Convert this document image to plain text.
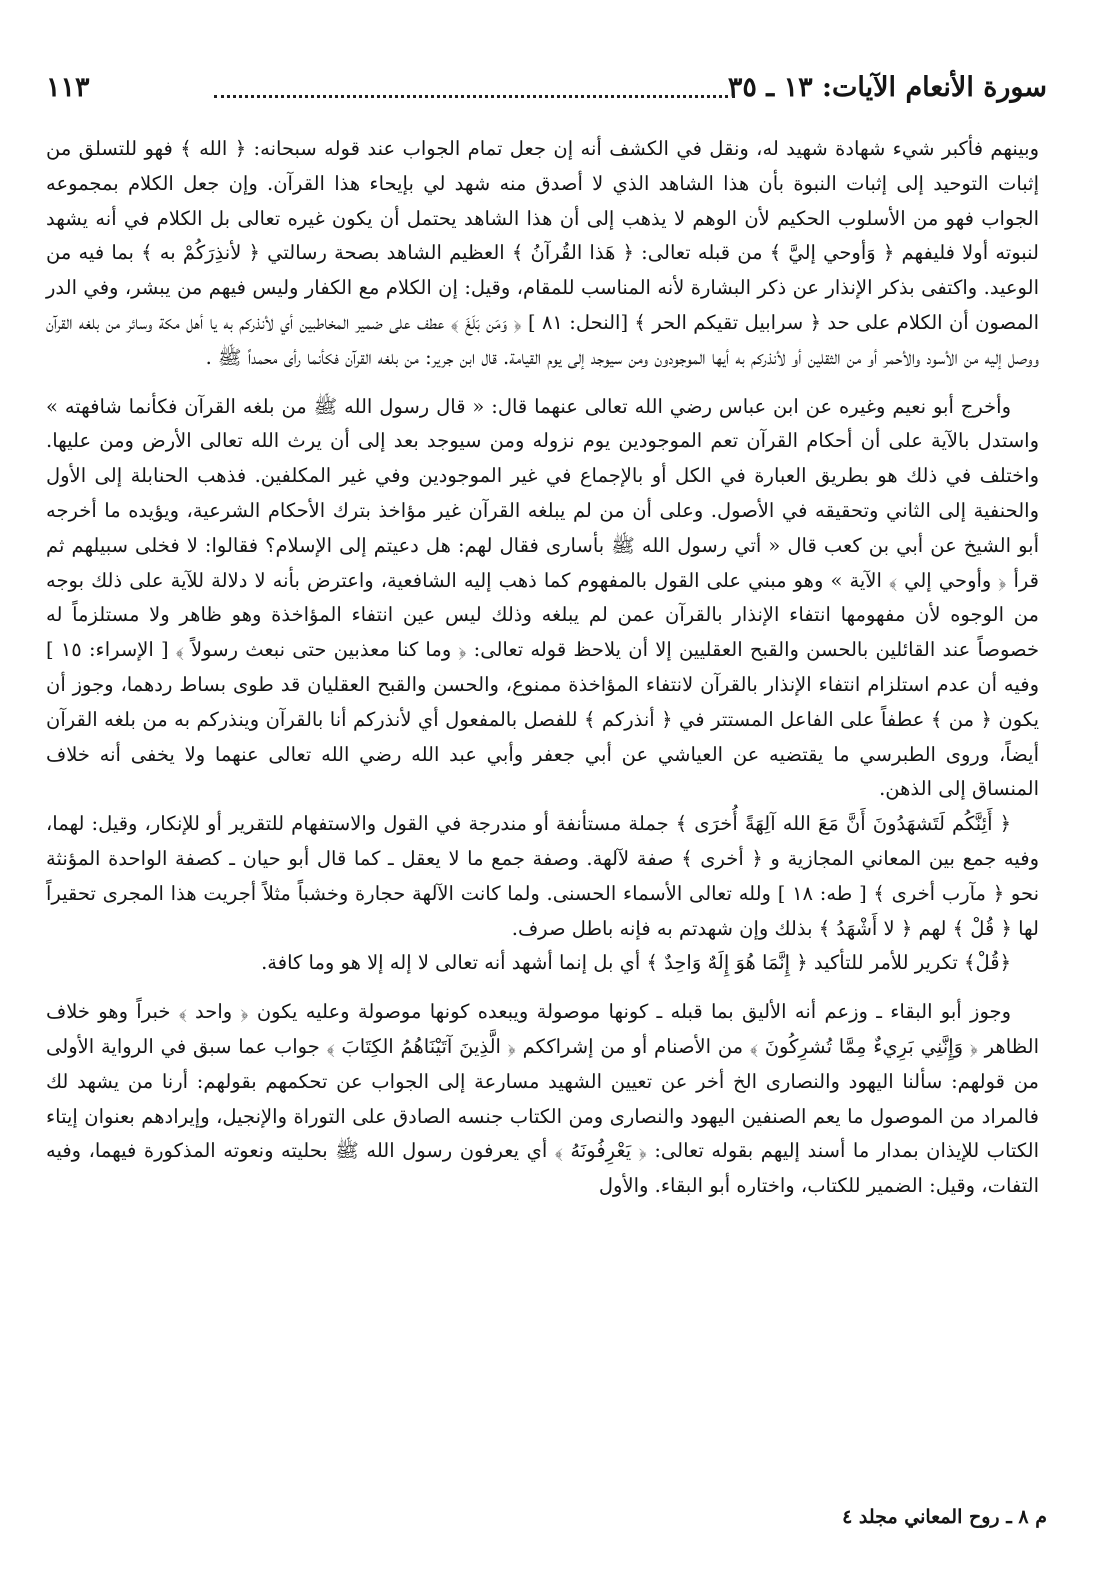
سورة الأنعام الآيات: ١٣ ـ ٣٥
١١٣

وبينهم فأكبر شيء شهادة شهيد له، ونقل في الكشف أنه إن جعل تمام الجواب عند قوله سبحانه: ﴿ الله ﴾ فهو للتسلق من إثبات التوحيد إلى إثبات النبوة بأن هذا الشاهد الذي لا أصدق منه شهد لي بإيحاء هذا القرآن. وإن جعل الكلام بمجموعه الجواب فهو من الأسلوب الحكيم لأن الوهم لا يذهب إلى أن هذا الشاهد يحتمل أن يكون غيره تعالى بل الكلام في أنه يشهد لنبوته أولا فليفهم ﴿ وَأوحي إليَّ ﴾ من قبله تعالى: ﴿ هَذا القُرآنُ ﴾ العظيم الشاهد بصحة رسالتي ﴿ لأنذِرَكُمْ به ﴾ بما فيه من الوعيد. واكتفى بذكر الإنذار عن ذكر البشارة لأنه المناسب للمقام، وقيل: إن الكلام مع الكفار وليس فيهم من يبشر، وفي الدر المصون أن الكلام على حد ﴿ سرابيل تقيكم الحر ﴾ [النحل: ٨١ ] ﴿ وَمَن بَلَغَ ﴾ عطف على ضمير المخاطبين أي لأنذركم به يا أهل مكة وسائر من بلغه القرآن ووصل إليه من الأسود والأحمر أو من الثقلين أو لأنذركم به أيها الموجودون ومن سيوجد إلى يوم القيامة. قال ابن جرير: من بلغه القرآن فكأنما رأى محمداً ﷺ .

وأخرج أبو نعيم وغيره عن ابن عباس رضي الله تعالى عنهما قال: « قال رسول الله ﷺ من بلغه القرآن فكأنما شافهته » واستدل بالآية على أن أحكام القرآن تعم الموجودين يوم نزوله ومن سيوجد بعد إلى أن يرث الله تعالى الأرض ومن عليها. واختلف في ذلك هو بطريق العبارة في الكل أو بالإجماع في غير الموجودين وفي غير المكلفين. فذهب الحنابلة إلى الأول والحنفية إلى الثاني وتحقيقه في الأصول. وعلى أن من لم يبلغه القرآن غير مؤاخذ بترك الأحكام الشرعية، ويؤيده ما أخرجه أبو الشيخ عن أبي بن كعب قال « أتي رسول الله ﷺ بأسارى فقال لهم: هل دعيتم إلى الإسلام؟ فقالوا: لا فخلى سبيلهم ثم قرأ ﴿ وأوحي إلي ﴾ الآية » وهو مبني على القول بالمفهوم كما ذهب إليه الشافعية، واعترض بأنه لا دلالة للآية على ذلك بوجه من الوجوه لأن مفهومها انتفاء الإنذار بالقرآن عمن لم يبلغه وذلك ليس عين انتفاء المؤاخذة وهو ظاهر ولا مستلزماً له خصوصاً عند القائلين بالحسن والقبح العقليين إلا أن يلاحظ قوله تعالى: ﴿ وما كنا معذبين حتى نبعث رسولاً ﴾ [ الإسراء: ١٥ ] وفيه أن عدم استلزام انتفاء الإنذار بالقرآن لانتفاء المؤاخذة ممنوع، والحسن والقبح العقليان قد طوى بساط ردهما، وجوز أن يكون ﴿ من ﴾ عطفاً على الفاعل المستتر في ﴿ أنذركم ﴾ للفصل بالمفعول أي لأنذركم أنا بالقرآن وينذركم به من بلغه القرآن أيضاً، وروى الطبرسي ما يقتضيه عن العياشي عن أبي جعفر وأبي عبد الله رضي الله تعالى عنهما ولا يخفى أنه خلاف المنساق إلى الذهن.

﴿ أَئِنَّكُم لَتَشهَدُونَ أَنَّ مَعَ الله آلِهَةً أُخرَى ﴾ جملة مستأنفة أو مندرجة في القول والاستفهام للتقرير أو للإنكار، وقيل: لهما، وفيه جمع بين المعاني المجازية و ﴿ أخرى ﴾ صفة لآلهة. وصفة جمع ما لا يعقل ـ كما قال أبو حيان ـ كصفة الواحدة المؤنثة نحو ﴿ مآرب أخرى ﴾ [ طه: ١٨ ] ولله تعالى الأسماء الحسنى. ولما كانت الآلهة حجارة وخشباً مثلاً أجريت هذا المجرى تحقيراً لها ﴿ قُلْ ﴾ لهم ﴿ لا أَشْهَدُ ﴾ بذلك وإن شهدتم به فإنه باطل صرف.

﴿قُلْ﴾ تكرير للأمر للتأكيد ﴿ إِنَّمَا هُوَ إِلَهٌ وَاحِدٌ ﴾ أي بل إنما أشهد أنه تعالى لا إله إلا هو وما كافة.

وجوز أبو البقاء ـ وزعم أنه الأليق بما قبله ـ كونها موصولة ويبعده كونها موصولة وعليه يكون ﴿ واحد ﴾ خبراً وهو خلاف الظاهر ﴿ وَإِنَّنِي بَرِيءٌ مِمَّا تُشرِكُونَ ﴾ من الأصنام أو من إشراككم ﴿ الَّذِينَ آتَيْنَاهُمُ الكِتَابَ ﴾ جواب عما سبق في الرواية الأولى من قولهم: سألنا اليهود والنصارى الخ أخر عن تعيين الشهيد مسارعة إلى الجواب عن تحكمهم بقولهم: أرنا من يشهد لك فالمراد من الموصول ما يعم الصنفين اليهود والنصارى ومن الكتاب جنسه الصادق على التوراة والإنجيل، وإيرادهم بعنوان إيتاء الكتاب للإيذان بمدار ما أسند إليهم بقوله تعالى: ﴿ يَعْرِفُونَهُ ﴾ أي يعرفون رسول الله ﷺ بحليته ونعوته المذكورة فيهما، وفيه التفات، وقيل: الضمير للكتاب، واختاره أبو البقاء. والأول

م ٨ ـ روح المعاني مجلد ٤
